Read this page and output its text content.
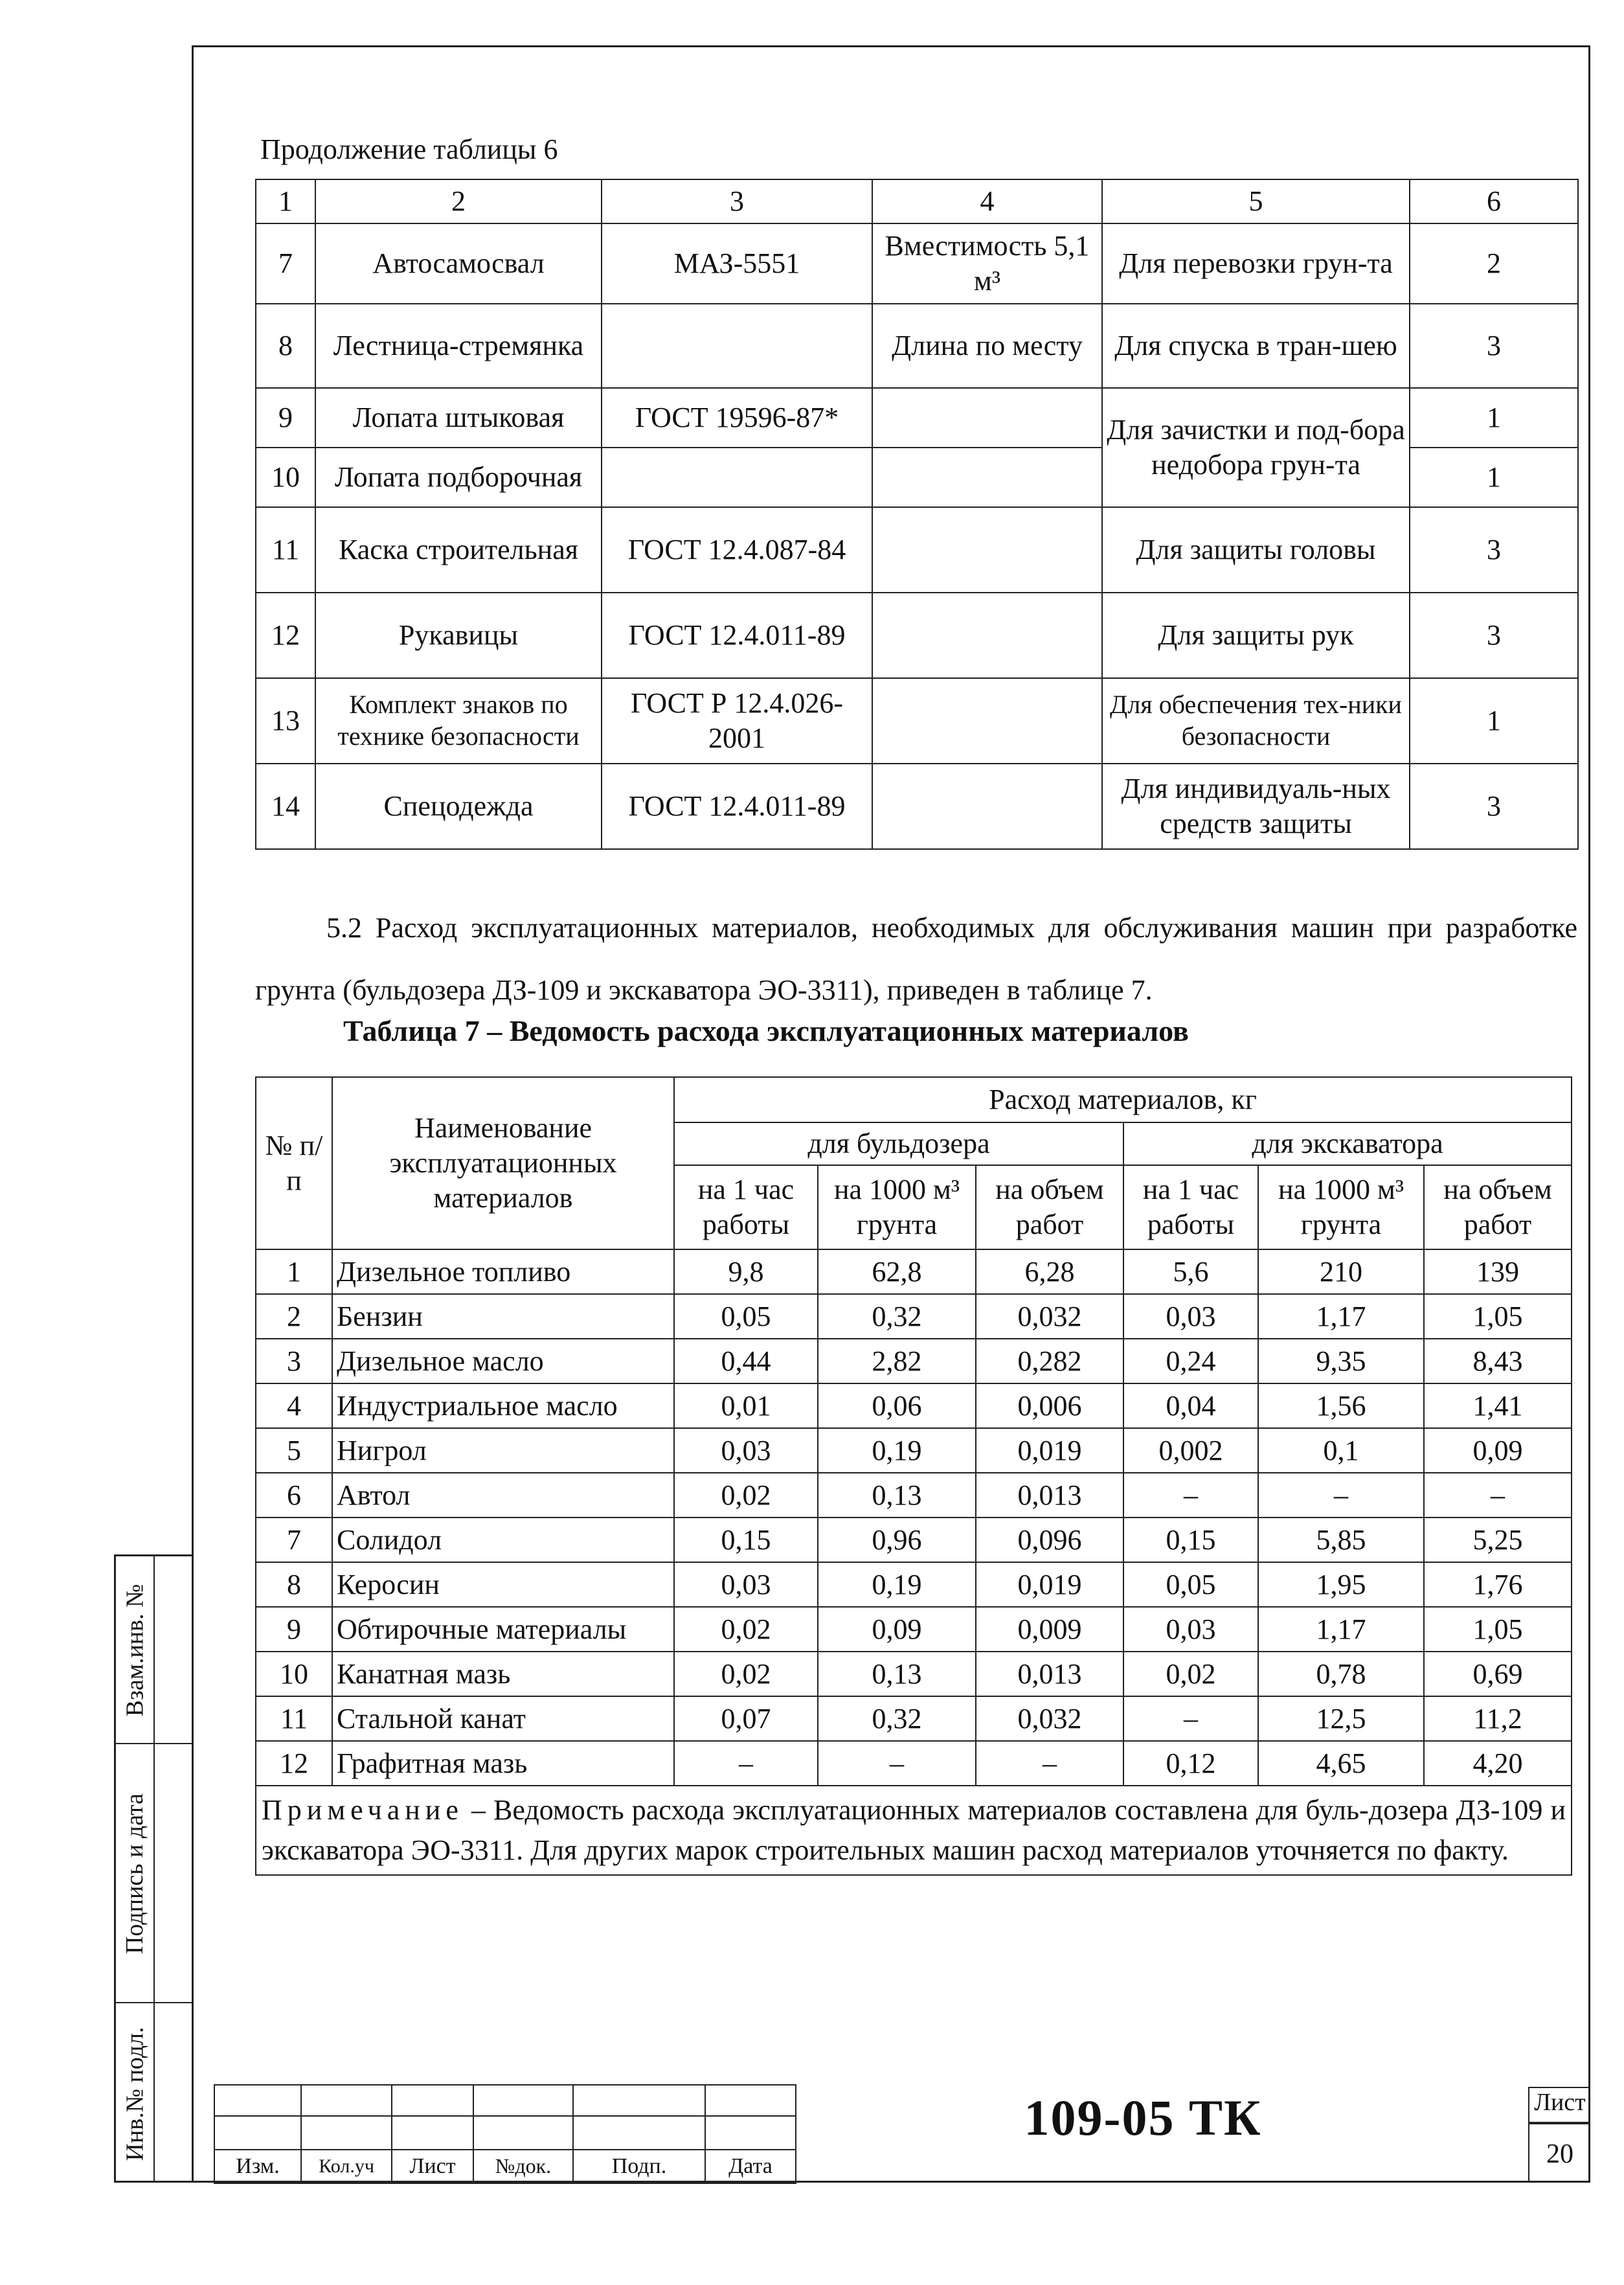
Продолжение таблицы 6
1	2	3	4	5	6
7	Автосамосвал	МАЗ-5551	Вместимость 5,1 м³	Для перевозки грун-та	2
8	Лестница-стремянка		Длина по месту	Для спуска в тран-шею	3
9	Лопата штыковая	ГОСТ 19596-87*		Для зачистки и под-бора недобора грун-та	1
10	Лопата подборочная				1
11	Каска строительная	ГОСТ 12.4.087-84		Для защиты головы	3
12	Рукавицы	ГОСТ 12.4.011-89		Для защиты рук	3
13	Комплект знаков по технике безопасности	ГОСТ Р 12.4.026-2001		Для обеспечения тех-ники безопасности	1
14	Спецодежда	ГОСТ 12.4.011-89		Для индивидуаль-ных средств защиты	3
5.2 Расход эксплуатационных материалов, необходимых для обслуживания машин при разработке грунта (бульдозера ДЗ-109 и экскаватора ЭО-3311), приведен в таблице 7.
Таблица 7 – Ведомость расхода эксплуатационных материалов
№ п/п	Наименование эксплуатационных материалов	Расход материалов, кг					
		для бульдозера			для экскаватора		
		на 1 час работы	на 1000 м³ грунта	на объем работ	на 1 час работы	на 1000 м³ грунта	на объем работ
1	Дизельное топливо	9,8	62,8	6,28	5,6	210	139
2	Бензин	0,05	0,32	0,032	0,03	1,17	1,05
3	Дизельное масло	0,44	2,82	0,282	0,24	9,35	8,43
4	Индустриальное масло	0,01	0,06	0,006	0,04	1,56	1,41
5	Нигрол	0,03	0,19	0,019	0,002	0,1	0,09
6	Автол	0,02	0,13	0,013	–	–	–
7	Солидол	0,15	0,96	0,096	0,15	5,85	5,25
8	Керосин	0,03	0,19	0,019	0,05	1,95	1,76
9	Обтирочные материалы	0,02	0,09	0,009	0,03	1,17	1,05
10	Канатная мазь	0,02	0,13	0,013	0,02	0,78	0,69
11	Стальной канат	0,07	0,32	0,032	–	12,5	11,2
12	Графитная мазь	–	–	–	0,12	4,65	4,20
Примечание – Ведомость расхода эксплуатационных материалов составлена для буль-дозера ДЗ-109 и экскаватора ЭО-3311. Для других марок строительных машин расход материалов уточняется по факту.							

Изм.	Кол.уч	Лист	№док.	Подп.	Дата
109-05 ТК	Лист
20
Взам.инв. №
Подпись и дата
Инв.№ подл.
